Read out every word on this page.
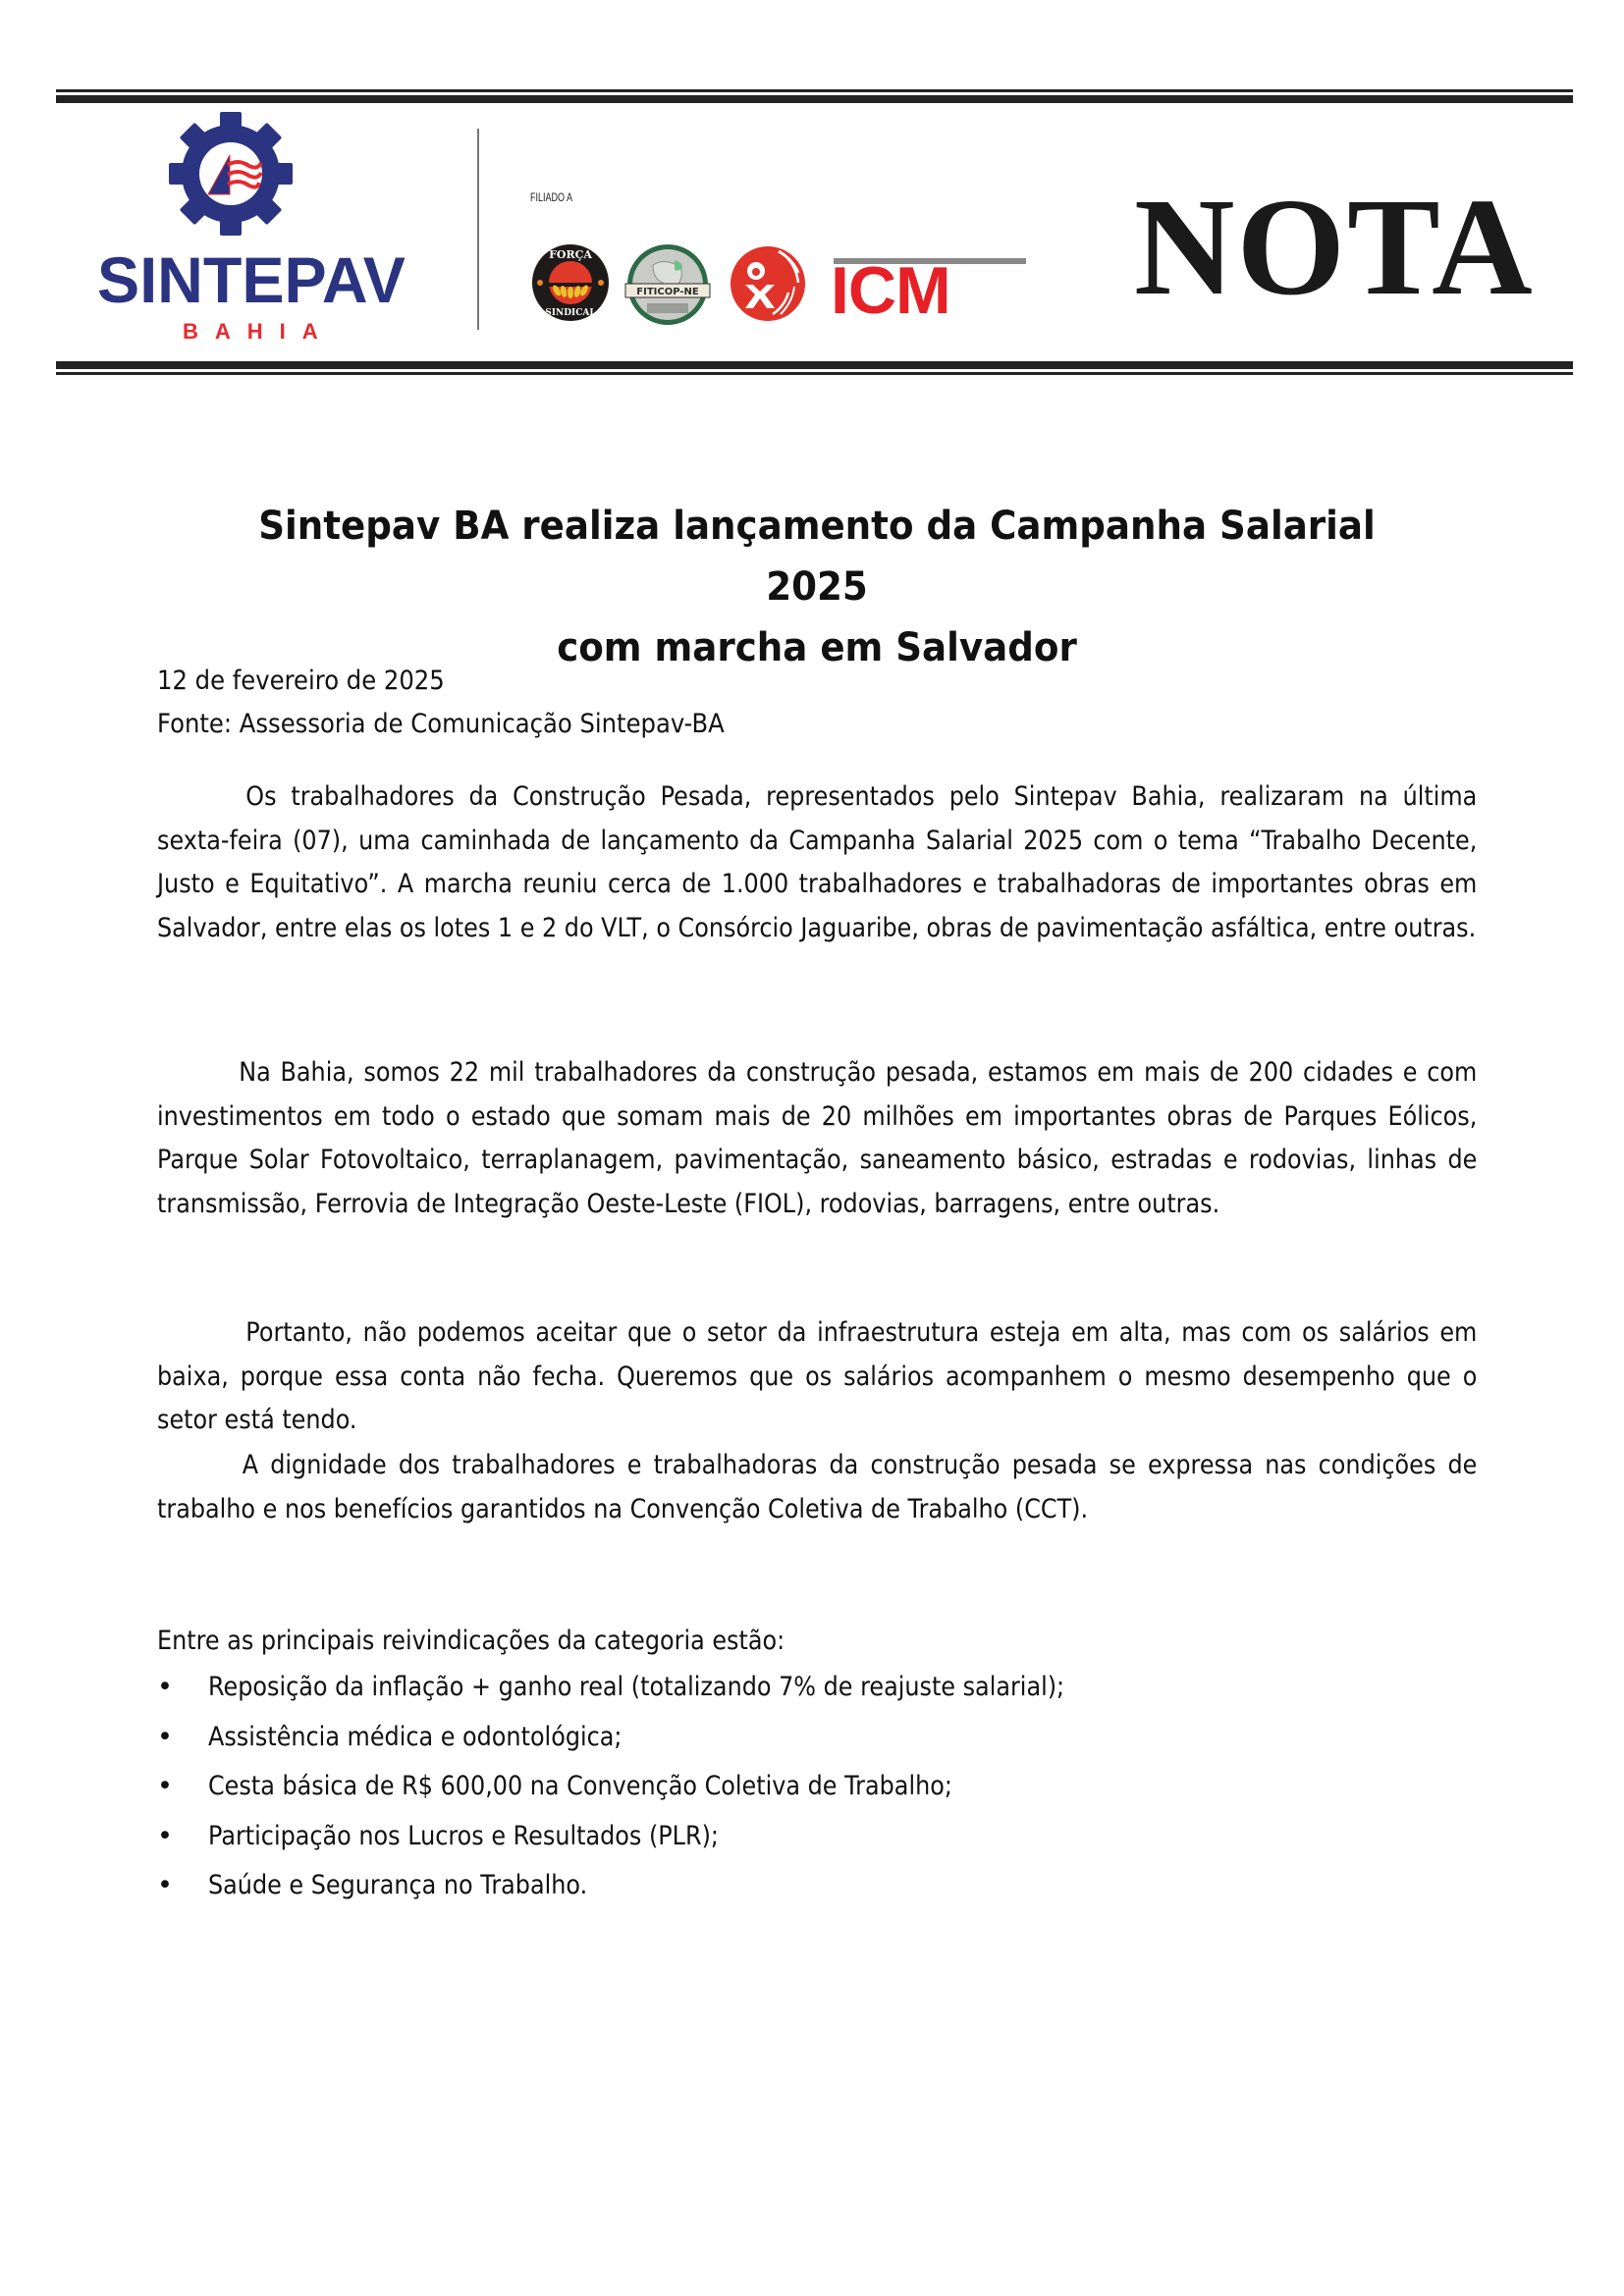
SINTEPAV
BAHIA
FILIADO A
FORÇA
SINDICAL
FITICOP-NE ICM NOTA
Sintepav BA realiza lançamento da Campanha Salarial 2025
com marcha em Salvador
12 de fevereiro de 2025
Fonte: Assessoria de Comunicação Sintepav-BA

Os trabalhadores da Construção Pesada, representados pelo Sintepav Bahia, realizaram na última sexta-feira (07), uma caminhada de lançamento da Campanha Salarial 2025 com o tema “Trabalho Decente, Justo e Equitativo”. A marcha reuniu cerca de 1.000 trabalhadores e trabalhadoras de importantes obras em Salvador, entre elas os lotes 1 e 2 do VLT, o Consórcio Jaguaribe, obras de pavimentação asfáltica, entre outras.

Na Bahia, somos 22 mil trabalhadores da construção pesada, estamos em mais de 200 cidades e com investimentos em todo o estado que somam mais de 20 milhões em importantes obras de Parques Eólicos, Parque Solar Fotovoltaico, terraplanagem, pavimentação, saneamento básico, estradas e rodovias, linhas de transmissão, Ferrovia de Integração Oeste-Leste (FIOL), rodovias, barragens, entre outras.

Portanto, não podemos aceitar que o setor da infraestrutura esteja em alta, mas com os salários em baixa, porque essa conta não fecha. Queremos que os salários acompanhem o mesmo desempenho que o setor está tendo.

A dignidade dos trabalhadores e trabalhadoras da construção pesada se expressa nas condições de trabalho e nos benefícios garantidos na Convenção Coletiva de Trabalho (CCT).

Entre as principais reivindicações da categoria estão:

• Reposição da inflação + ganho real (totalizando 7% de reajuste salarial);
• Assistência médica e odontológica;
• Cesta básica de R$ 600,00 na Convenção Coletiva de Trabalho;
• Participação nos Lucros e Resultados (PLR);
• Saúde e Segurança no Trabalho.
